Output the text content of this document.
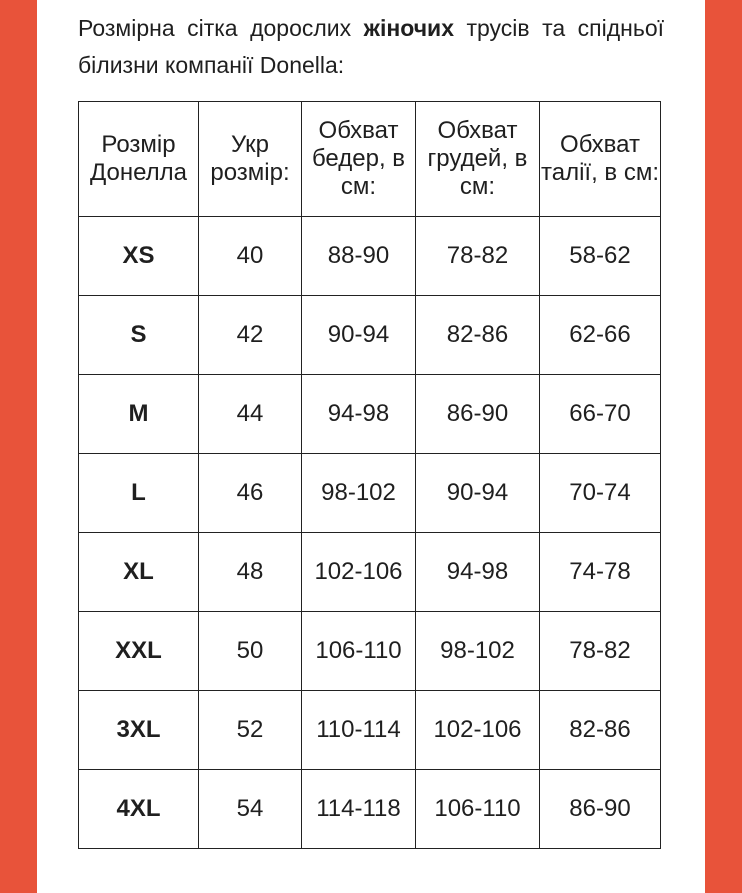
Розмірна сітка дорослих жіночих трусів та спідньої білизни компанії Donella:

Розмір Донелла	Укр розмір:	Обхват бедер, в см:	Обхват грудей, в см:	Обхват талії, в см:
XS	40	88-90	78-82	58-62
S	42	90-94	82-86	62-66
M	44	94-98	86-90	66-70
L	46	98-102	90-94	70-74
XL	48	102-106	94-98	74-78
XXL	50	106-110	98-102	78-82
3XL	52	110-114	102-106	82-86
4XL	54	114-118	106-110	86-90
